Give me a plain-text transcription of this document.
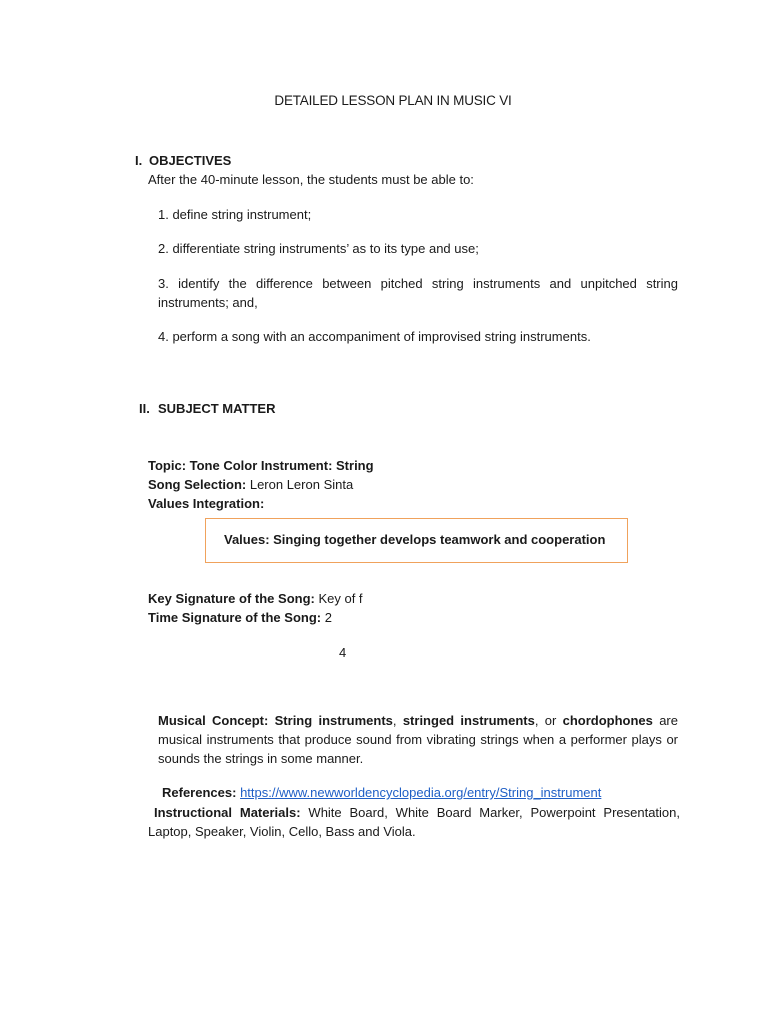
DETAILED LESSON PLAN IN MUSIC VI
I. OBJECTIVES
After the 40-minute lesson, the students must be able to:
1. define string instrument;
2. differentiate string instruments’ as to its type and use;
3. identify the difference between pitched string instruments and unpitched string instruments; and,
4. perform a song with an accompaniment of improvised string instruments.
II. SUBJECT MATTER
Topic: Tone Color Instrument: String
Song Selection: Leron Leron Sinta
Values Integration:
Values: Singing together develops teamwork and cooperation
Key Signature of the Song: Key of f
Time Signature of the Song: 2
4
Musical Concept: String instruments, stringed instruments, or chordophones are musical instruments that produce sound from vibrating strings when a performer plays or sounds the strings in some manner.
References: https://www.newworldencyclopedia.org/entry/String_instrument
Instructional Materials: White Board, White Board Marker, Powerpoint Presentation, Laptop, Speaker, Violin, Cello, Bass and Viola.
